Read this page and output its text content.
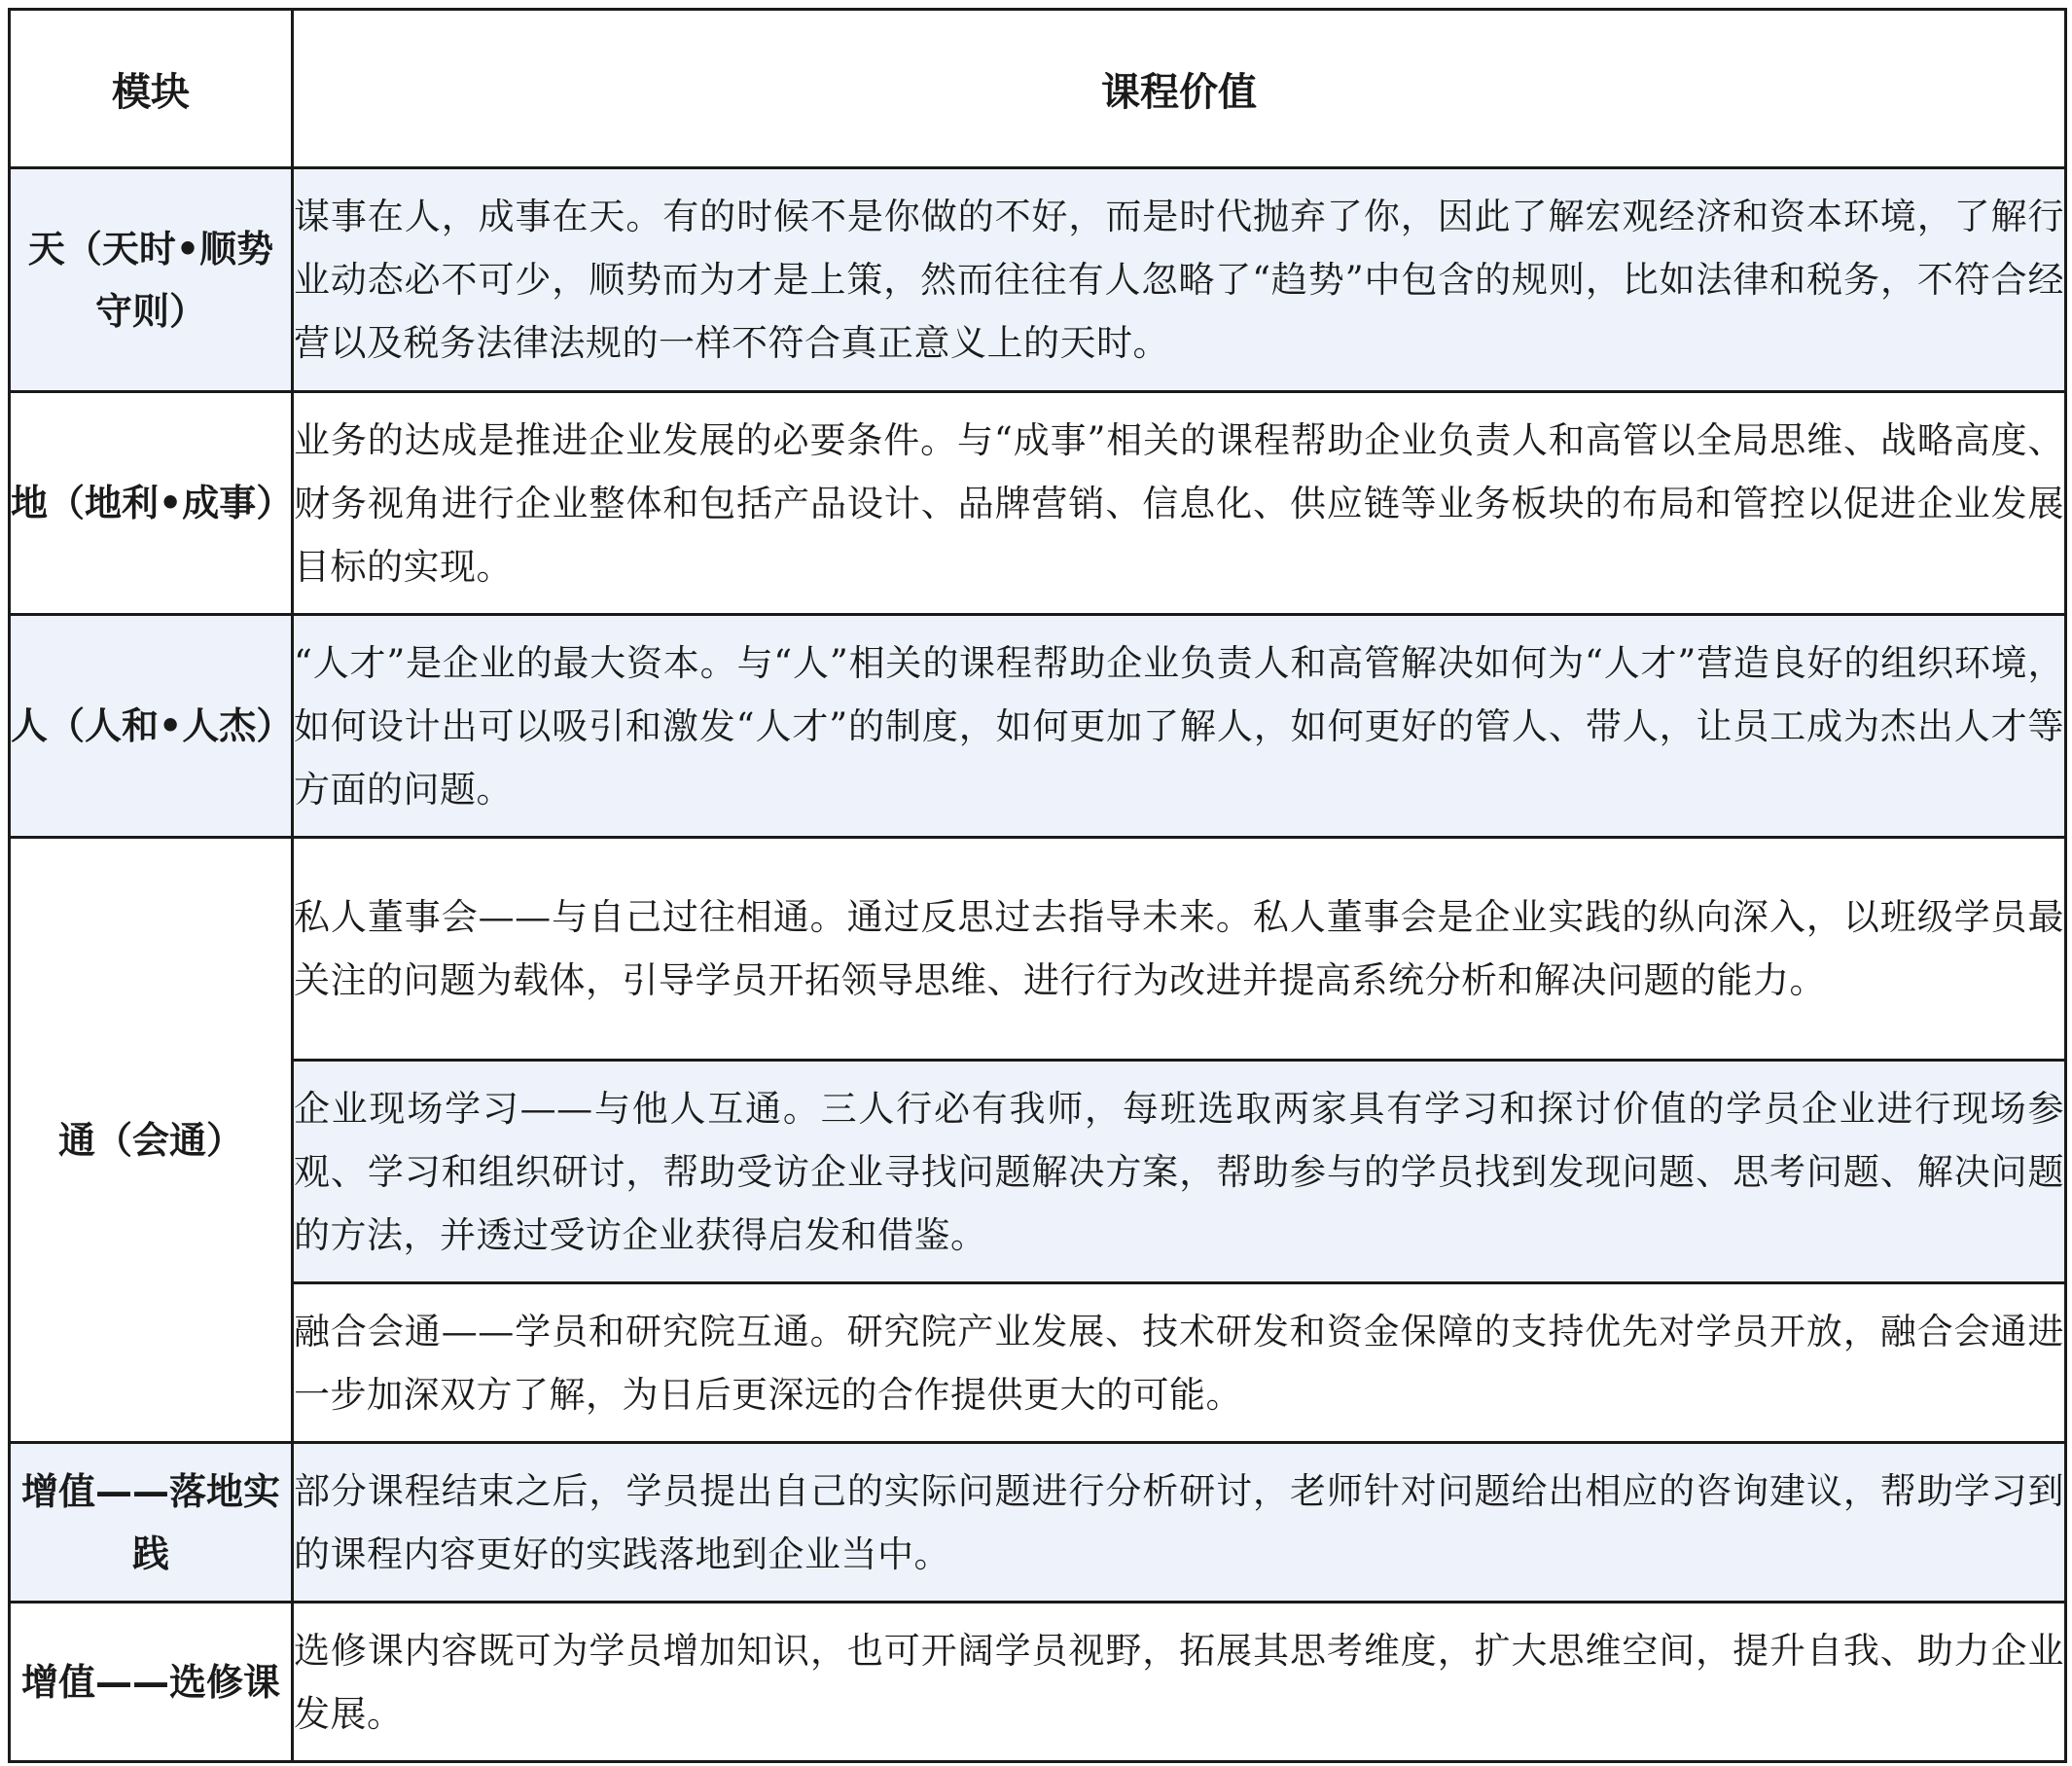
模块	课程价值
天（天时•顺势守则）	谋事在人，成事在天。有的时候不是你做的不好，而是时代抛弃了你，因此了解宏观经济和资本环境，了解行业动态必不可少，顺势而为才是上策，然而往往有人忽略了“趋势”中包含的规则，比如法律和税务，不符合经营以及税务法律法规的一样不符合真正意义上的天时。
地（地利•成事）	业务的达成是推进企业发展的必要条件。与“成事”相关的课程帮助企业负责人和高管以全局思维、战略高度、财务视角进行企业整体和包括产品设计、品牌营销、信息化、供应链等业务板块的布局和管控以促进企业发展目标的实现。
人（人和•人杰）	“人才”是企业的最大资本。与“人”相关的课程帮助企业负责人和高管解决如何为“人才”营造良好的组织环境，如何设计出可以吸引和激发“人才”的制度，如何更加了解人，如何更好的管人、带人，让员工成为杰出人才等方面的问题。
通（会通）	私人董事会——与自己过往相通。通过反思过去指导未来。私人董事会是企业实践的纵向深入，以班级学员最关注的问题为载体，引导学员开拓领导思维、进行行为改进并提高系统分析和解决问题的能力。
	企业现场学习——与他人互通。三人行必有我师，每班选取两家具有学习和探讨价值的学员企业进行现场参观、学习和组织研讨，帮助受访企业寻找问题解决方案，帮助参与的学员找到发现问题、思考问题、解决问题的方法，并透过受访企业获得启发和借鉴。
	融合会通——学员和研究院互通。研究院产业发展、技术研发和资金保障的支持优先对学员开放，融合会通进一步加深双方了解，为日后更深远的合作提供更大的可能。
增值——落地实践	部分课程结束之后，学员提出自己的实际问题进行分析研讨，老师针对问题给出相应的咨询建议，帮助学习到的课程内容更好的实践落地到企业当中。
增值——选修课	选修课内容既可为学员增加知识，也可开阔学员视野，拓展其思考维度，扩大思维空间，提升自我、助力企业发展。
